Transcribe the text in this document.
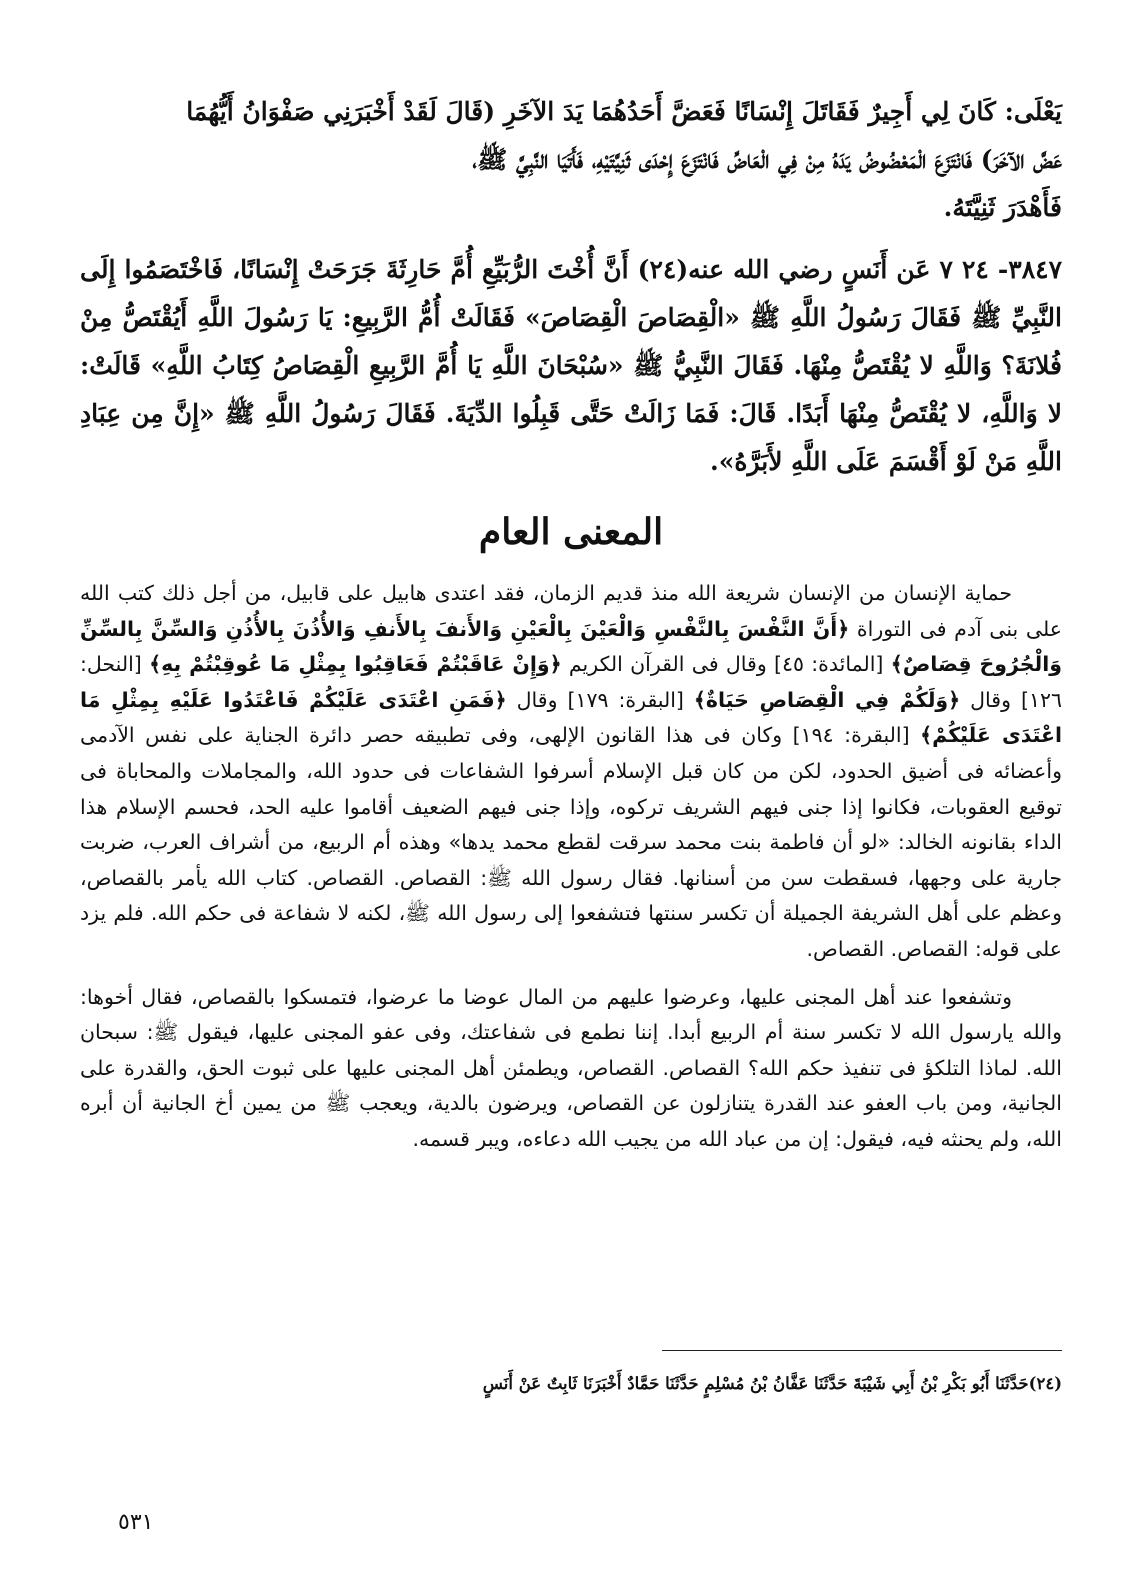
يَعْلَى: كَانَ لِي أَجِيرٌ فَقَاتَلَ إِنْسَانًا فَعَضَّ أَحَدُهُمَا يَدَ الآخَرِ (قَالَ لَقَدْ أَخْبَرَنِي صَفْوَانُ أَيُّهُمَا

عَضَّ الآخَرَ) فَانْتَزَعَ الْمَعْضُوضُ يَدَهُ مِنْ فِي الْعَاضِّ فَانْتَزَعَ إِحْدَى ثَنِيَّتَيْهِ، فَأَتَيَا النَّبِيَّ ﷺ،

فَأَهْدَرَ ثَنِيَّتَهُ.

٣٨٤٧- ٢٤ ٧ عَن أَنَسٍ رضي الله عنه(٢٤) أَنَّ أُخْتَ الرُّبَيِّعِ أُمَّ حَارِثَةَ جَرَحَتْ إِنْسَانًا، فَاخْتَصَمُوا إِلَى النَّبِيِّ ﷺ فَقَالَ رَسُولُ اللَّهِ ﷺ «الْقِصَاصَ الْقِصَاصَ» فَقَالَتْ أُمُّ الرَّبِيعِ: يَا رَسُولَ اللَّهِ أَيُقْتَصُّ مِنْ فُلانَةَ؟ وَاللَّهِ لا يُقْتَصُّ مِنْهَا. فَقَالَ النَّبِيُّ ﷺ «سُبْحَانَ اللَّهِ يَا أُمَّ الرَّبِيعِ الْقِصَاصُ كِتَابُ اللَّهِ» قَالَتْ: لا وَاللَّهِ، لا يُقْتَصُّ مِنْهَا أَبَدًا. قَالَ: فَمَا زَالَتْ حَتَّى قَبِلُوا الدِّيَةَ. فَقَالَ رَسُولُ اللَّهِ ﷺ «إِنَّ مِن عِبَادِ اللَّهِ مَنْ لَوْ أَقْسَمَ عَلَى اللَّهِ لأَبَرَّهُ».

المعنى العام

حماية الإنسان من الإنسان شريعة الله منذ قديم الزمان، فقد اعتدى هابيل على قابيل، من أجل ذلك كتب الله على بنى آدم فى التوراة ﴿أَنَّ النَّفْسَ بِالنَّفْسِ وَالْعَيْنَ بِالْعَيْنِ وَالأَنفَ بِالأَنفِ وَالأُذُنَ بِالأُذُنِ وَالسِّنَّ بِالسِّنِّ وَالْجُرُوحَ قِصَاصٌ﴾ [المائدة: ٤٥] وقال فى القرآن الكريم ﴿وَإِنْ عَاقَبْتُمْ فَعَاقِبُوا بِمِثْلِ مَا عُوقِبْتُمْ بِهِ﴾ [النحل: ١٢٦] وقال ﴿وَلَكُمْ فِي الْقِصَاصِ حَيَاةٌ﴾ [البقرة: ١٧٩] وقال ﴿فَمَنِ اعْتَدَى عَلَيْكُمْ فَاعْتَدُوا عَلَيْهِ بِمِثْلِ مَا اعْتَدَى عَلَيْكُمْ﴾ [البقرة: ١٩٤] وكان فى هذا القانون الإلهى، وفى تطبيقه حصر دائرة الجناية على نفس الآدمى وأعضائه فى أضيق الحدود، لكن من كان قبل الإسلام أسرفوا الشفاعات فى حدود الله، والمجاملات والمحاباة فى توقيع العقوبات، فكانوا إذا جنى فيهم الشريف تركوه، وإذا جنى فيهم الضعيف أقاموا عليه الحد، فحسم الإسلام هذا الداء بقانونه الخالد: «لو أن فاطمة بنت محمد سرقت لقطع محمد يدها» وهذه أم الربيع، من أشراف العرب، ضربت جارية على وجهها، فسقطت سن من أسنانها. فقال رسول الله ﷺ: القصاص. القصاص. كتاب الله يأمر بالقصاص، وعظم على أهل الشريفة الجميلة أن تكسر سنتها فتشفعوا إلى رسول الله ﷺ، لكنه لا شفاعة فى حكم الله. فلم يزد على قوله: القصاص. القصاص.

وتشفعوا عند أهل المجنى عليها، وعرضوا عليهم من المال عوضا ما عرضوا، فتمسكوا بالقصاص، فقال أخوها: والله يارسول الله لا تكسر سنة أم الربيع أبدا. إننا نطمع فى شفاعتك، وفى عفو المجنى عليها، فيقول ﷺ: سبحان الله. لماذا التلكؤ فى تنفيذ حكم الله؟ القصاص. القصاص، ويطمئن أهل المجنى عليها على ثبوت الحق، والقدرة على الجانية، ومن باب العفو عند القدرة يتنازلون عن القصاص، ويرضون بالدية، ويعجب ﷺ من يمين أخ الجانية أن أبره الله، ولم يحنثه فيه، فيقول: إن من عباد الله من يجيب الله دعاءه، ويبر قسمه.

(٢٤)حَدَّثَنَا أَبُو بَكْرِ بْنُ أَبِي شَيْبَةَ حَدَّثَنَا عَفَّانُ بْنُ مُسْلِمٍ حَدَّثَنَا حَمَّادٌ أَخْبَرَنَا ثَابِتٌ عَنْ أَنَسٍ
٥٣١
